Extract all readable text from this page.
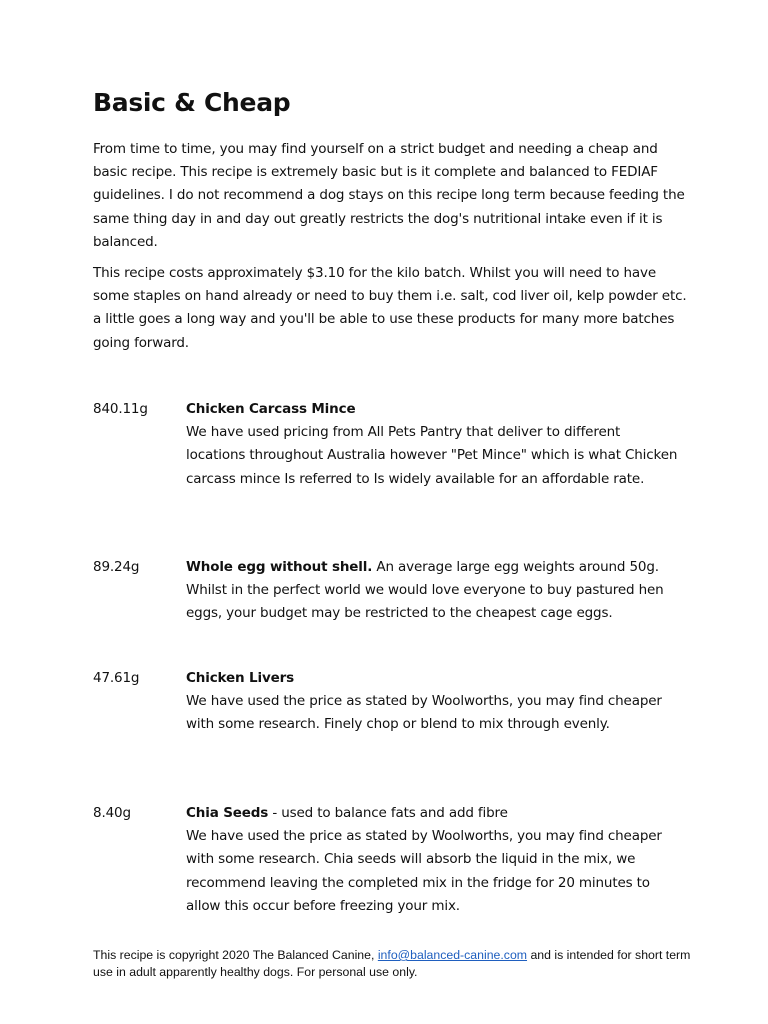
Basic & Cheap

From time to time, you may find yourself on a strict budget and needing a cheap and basic recipe. This recipe is extremely basic but is it complete and balanced to FEDIAF guidelines. I do not recommend a dog stays on this recipe long term because feeding the same thing day in and day out greatly restricts the dog's nutritional intake even if it is balanced.

This recipe costs approximately $3.10 for the kilo batch. Whilst you will need to have some staples on hand already or need to buy them i.e. salt, cod liver oil, kelp powder etc. a little goes a long way and you'll be able to use these products for many more batches going forward.

840.11g	Chicken Carcass Mince
We have used pricing from All Pets Pantry that deliver to different locations throughout Australia however "Pet Mince" which is what Chicken carcass mince Is referred to Is widely available for an affordable rate.
89.24g	Whole egg without shell. An average large egg weights around 50g.
Whilst in the perfect world we would love everyone to buy pastured hen eggs, your budget may be restricted to the cheapest cage eggs.
47.61g	Chicken Livers
We have used the price as stated by Woolworths, you may find cheaper with some research. Finely chop or blend to mix through evenly.
8.40g	Chia Seeds - used to balance fats and add fibre
We have used the price as stated by Woolworths, you may find cheaper with some research. Chia seeds will absorb the liquid in the mix, we recommend leaving the completed mix in the fridge for 20 minutes to allow this occur before freezing your mix.

This recipe is copyright 2020 The Balanced Canine, info@balanced-canine.com and is intended for short term use in adult apparently healthy dogs. For personal use only.
